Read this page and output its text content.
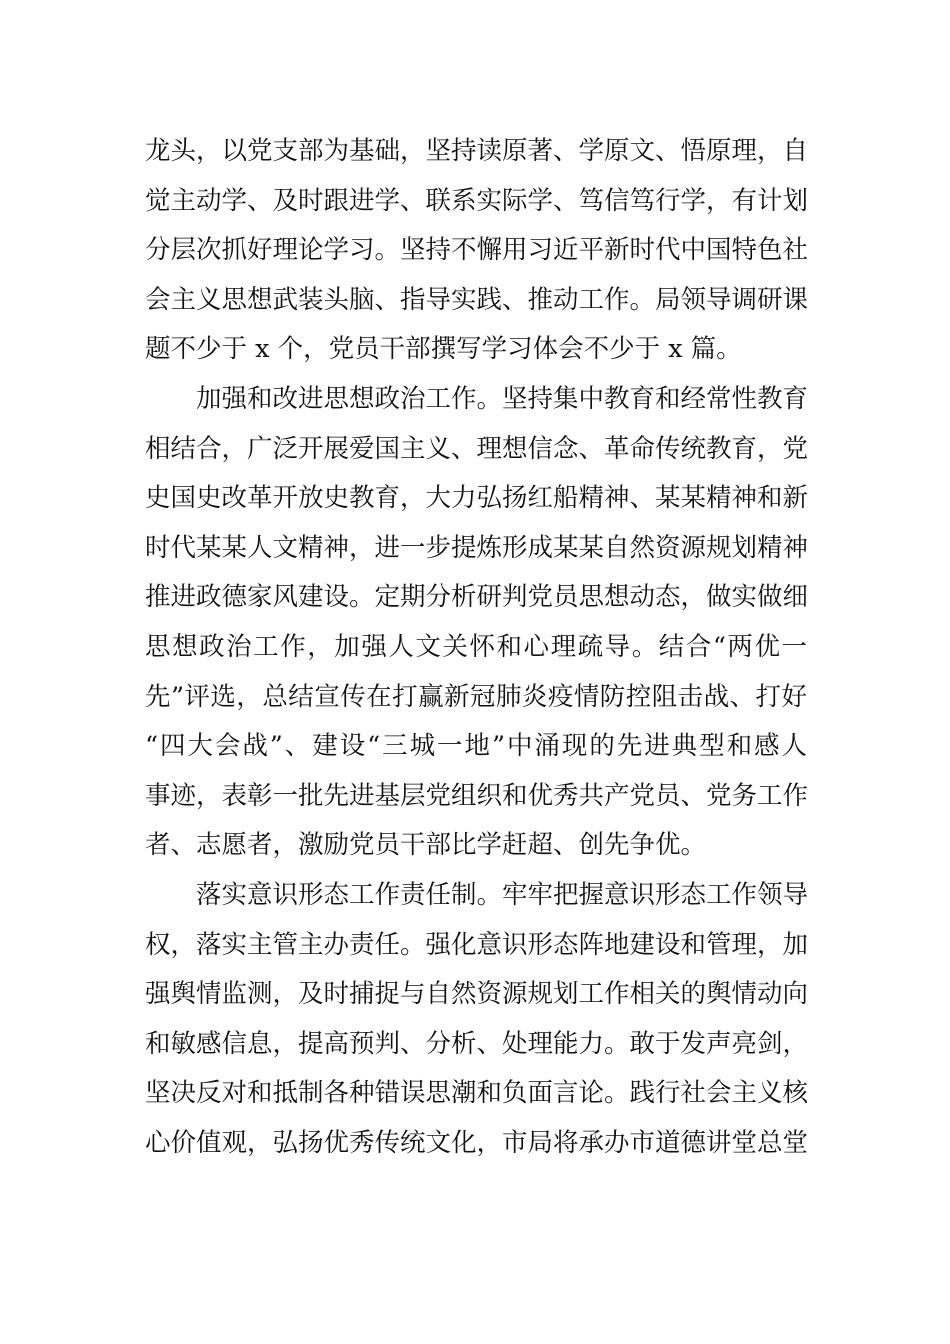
龙头，以党支部为基础，坚持读原著、学原文、悟原理，自
觉主动学、及时跟进学、联系实际学、笃信笃行学，有计划
分层次抓好理论学习。坚持不懈用习近平新时代中国特色社
会主义思想武装头脑、指导实践、推动工作。局领导调研课
题不少于 x 个，党员干部撰写学习体会不少于 x 篇。
加强和改进思想政治工作。坚持集中教育和经常性教育
相结合，广泛开展爱国主义、理想信念、革命传统教育，党
史国史改革开放史教育，大力弘扬红船精神、某某精神和新
时代某某人文精神，进一步提炼形成某某自然资源规划精神
推进政德家风建设。定期分析研判党员思想动态，做实做细
思想政治工作，加强人文关怀和心理疏导。结合“两优一
先”评选，总结宣传在打赢新冠肺炎疫情防控阻击战、打好
“四大会战”、建设“三城一地”中涌现的先进典型和感人
事迹，表彰一批先进基层党组织和优秀共产党员、党务工作
者、志愿者，激励党员干部比学赶超、创先争优。
落实意识形态工作责任制。牢牢把握意识形态工作领导
权，落实主管主办责任。强化意识形态阵地建设和管理，加
强舆情监测，及时捕捉与自然资源规划工作相关的舆情动向
和敏感信息，提高预判、分析、处理能力。敢于发声亮剑，
坚决反对和抵制各种错误思潮和负面言论。践行社会主义核
心价值观，弘扬优秀传统文化，市局将承办市道德讲堂总堂
